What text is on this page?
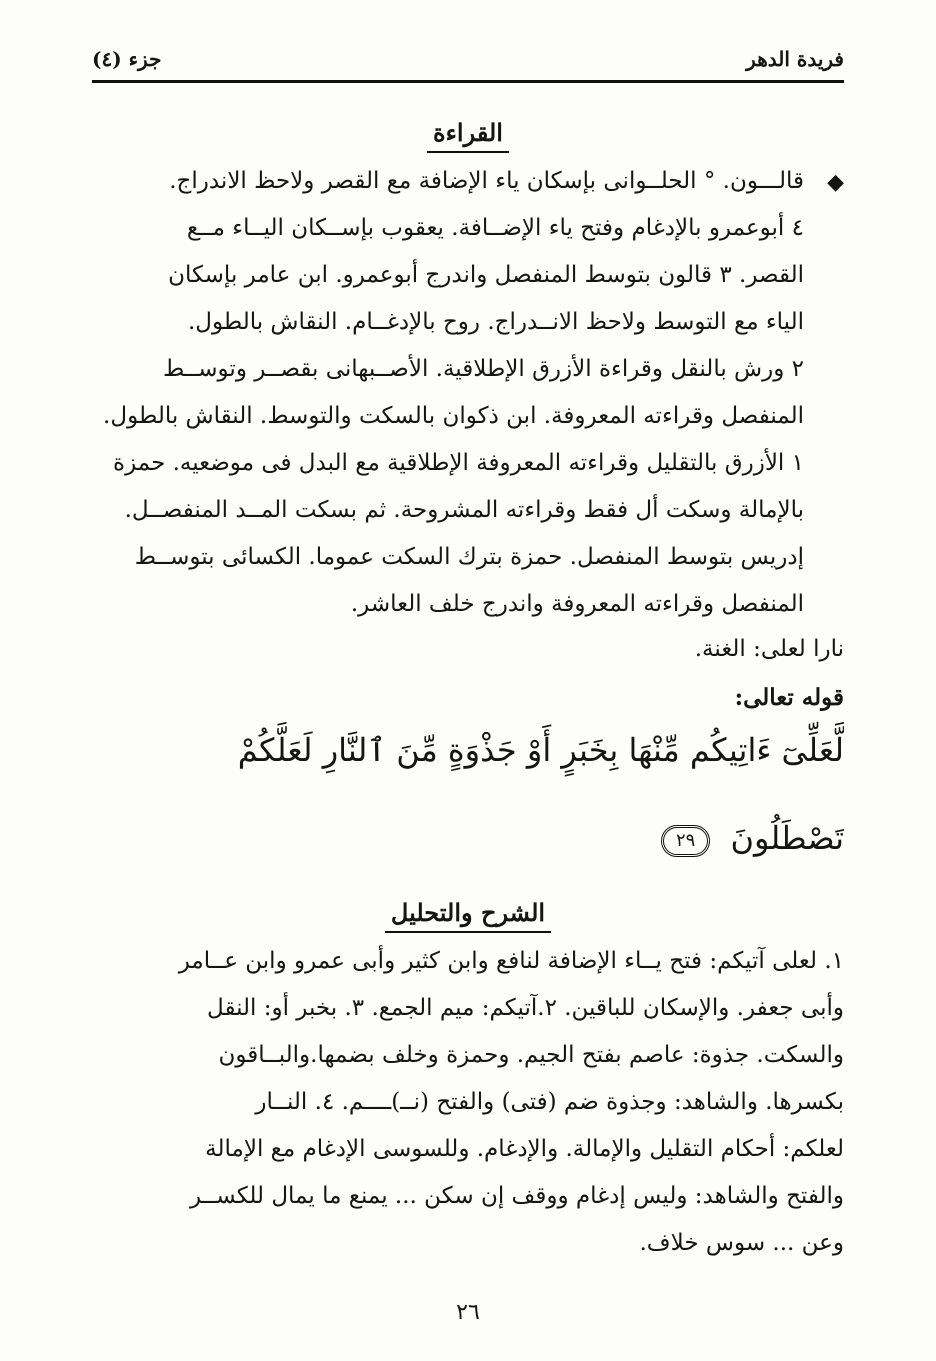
فريدة الدهر
جزء (٤)
القراءة
◆
قالـــون. ° الحلــوانى بإسكان ياء الإضافة مع القصر ولاحظ الاندراج.
٤ أبوعمرو بالإدغام وفتح ياء الإضــافة. يعقوب بإســكان اليــاء مــع
القصر. ٣ قالون بتوسط المنفصل واندرج أبوعمرو. ابن عامر بإسكان
الياء مع التوسط ولاحظ الانــدراج. روح بالإدغــام. النقاش بالطول.
٢ ورش بالنقل وقراءة الأزرق الإطلاقية. الأصــبهانى بقصــر وتوســط
المنفصل وقراءته المعروفة. ابن ذكوان بالسكت والتوسط. النقاش بالطول.
١ الأزرق بالتقليل وقراءته المعروفة الإطلاقية مع البدل فى موضعيه. حمزة
بالإمالة وسكت أل فقط وقراءته المشروحة. ثم بسكت المــد المنفصــل.
إدريس بتوسط المنفصل. حمزة بترك السكت عموما. الكسائى بتوســط
المنفصل وقراءته المعروفة واندرج خلف العاشر.
نارا لعلى: الغنة.
قوله تعالى:
لَّعَلِّىٓ ءَاتِيكُم مِّنْهَا بِخَبَرٍ أَوْ جَذْوَةٍ مِّنَ ٱلنَّارِ لَعَلَّكُمْ
تَصْطَلُونَ ٢٩
الشرح والتحليل
١. لعلى آتيكم: فتح يــاء الإضافة لنافع وابن كثير وأبى عمرو وابن عــامر
وأبى جعفر. والإسكان للباقين. ٢.آتيكم: ميم الجمع. ٣. بخبر أو: النقل
والسكت. جذوة: عاصم بفتح الجيم. وحمزة وخلف بضمها.والبــاقون
بكسرها. والشاهد: وجذوة ضم (فتى) والفتح (نــ)ــــم. ٤. النــار
لعلكم: أحكام التقليل والإمالة. والإدغام. وللسوسى الإدغام مع الإمالة
والفتح والشاهد: وليس إدغام ووقف إن سكن ... يمنع ما يمال للكســر
وعن ... سوس خلاف.
٢٦
